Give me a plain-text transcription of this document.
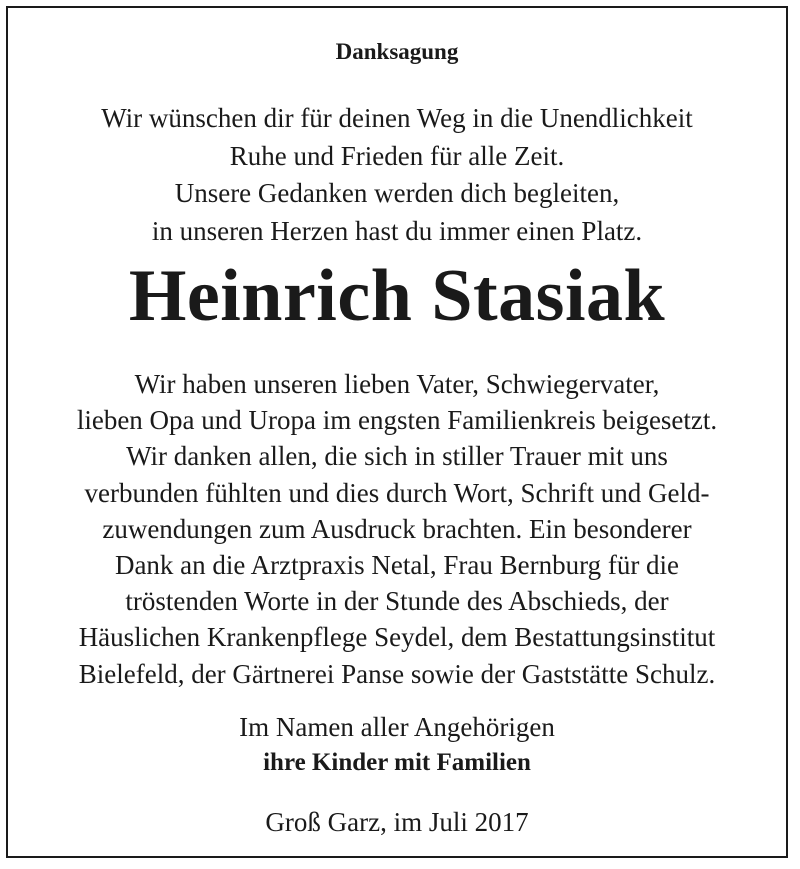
Danksagung
Wir wünschen dir für deinen Weg in die Unendlichkeit
Ruhe und Frieden für alle Zeit.
Unsere Gedanken werden dich begleiten,
in unseren Herzen hast du immer einen Platz.
Heinrich Stasiak
Wir haben unseren lieben Vater, Schwiegervater,
lieben Opa und Uropa im engsten Familienkreis beigesetzt.
Wir danken allen, die sich in stiller Trauer mit uns
verbunden fühlten und dies durch Wort, Schrift und Geld-
zuwendungen zum Ausdruck brachten. Ein besonderer
Dank an die Arztpraxis Netal, Frau Bernburg für die
tröstenden Worte in der Stunde des Abschieds, der
Häuslichen Krankenpflege Seydel, dem Bestattungsinstitut
Bielefeld, der Gärtnerei Panse sowie der Gaststätte Schulz.
Im Namen aller Angehörigen
ihre Kinder mit Familien
Groß Garz, im Juli 2017
